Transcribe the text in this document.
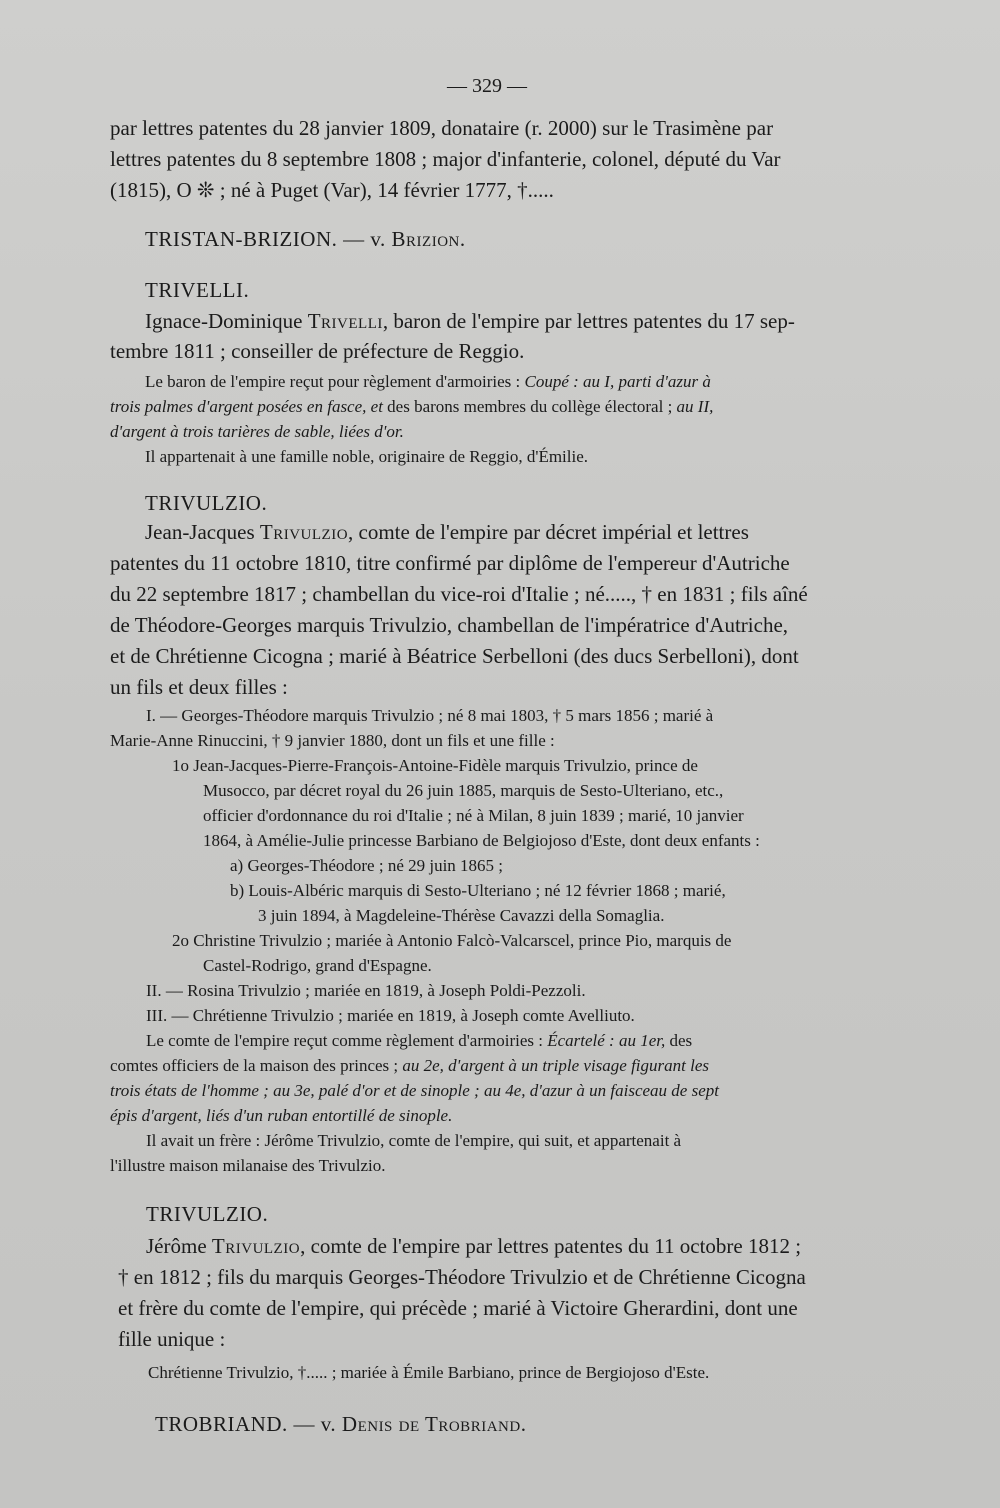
— 329 —
par lettres patentes du 28 janvier 1809, donataire (r. 2000) sur le Trasimène par
lettres patentes du 8 septembre 1808 ; major d'infanterie, colonel, député du Var
(1815), O ❊ ; né à Puget (Var), 14 février 1777, †.....
TRISTAN-BRIZION. — v. Brizion.
TRIVELLI.
Ignace-Dominique Trivelli, baron de l'empire par lettres patentes du 17 sep-
tembre 1811 ; conseiller de préfecture de Reggio.
Le baron de l'empire reçut pour règlement d'armoiries : Coupé : au I, parti d'azur à
trois palmes d'argent posées en fasce, et des barons membres du collège électoral ; au II,
d'argent à trois tarières de sable, liées d'or.
Il appartenait à une famille noble, originaire de Reggio, d'Émilie.
TRIVULZIO.
Jean-Jacques Trivulzio, comte de l'empire par décret impérial et lettres
patentes du 11 octobre 1810, titre confirmé par diplôme de l'empereur d'Autriche
du 22 septembre 1817 ; chambellan du vice-roi d'Italie ; né....., † en 1831 ; fils aîné
de Théodore-Georges marquis Trivulzio, chambellan de l'impératrice d'Autriche,
et de Chrétienne Cicogna ; marié à Béatrice Serbelloni (des ducs Serbelloni), dont
un fils et deux filles :
I. — Georges-Théodore marquis Trivulzio ; né 8 mai 1803, † 5 mars 1856 ; marié à
Marie-Anne Rinuccini, † 9 janvier 1880, dont un fils et une fille :
1o Jean-Jacques-Pierre-François-Antoine-Fidèle marquis Trivulzio, prince de
Musocco, par décret royal du 26 juin 1885, marquis de Sesto-Ulteriano, etc.,
officier d'ordonnance du roi d'Italie ; né à Milan, 8 juin 1839 ; marié, 10 janvier
1864, à Amélie-Julie princesse Barbiano de Belgiojoso d'Este, dont deux enfants :
a) Georges-Théodore ; né 29 juin 1865 ;
b) Louis-Albéric marquis di Sesto-Ulteriano ; né 12 février 1868 ; marié,
3 juin 1894, à Magdeleine-Thérèse Cavazzi della Somaglia.
2o Christine Trivulzio ; mariée à Antonio Falcò-Valcarscel, prince Pio, marquis de
Castel-Rodrigo, grand d'Espagne.
II. — Rosina Trivulzio ; mariée en 1819, à Joseph Poldi-Pezzoli.
III. — Chrétienne Trivulzio ; mariée en 1819, à Joseph comte Avelliuto.
Le comte de l'empire reçut comme règlement d'armoiries : Écartelé : au 1er, des
comtes officiers de la maison des princes ; au 2e, d'argent à un triple visage figurant les
trois états de l'homme ; au 3e, palé d'or et de sinople ; au 4e, d'azur à un faisceau de sept
épis d'argent, liés d'un ruban entortillé de sinople.
Il avait un frère : Jérôme Trivulzio, comte de l'empire, qui suit, et appartenait à
l'illustre maison milanaise des Trivulzio.
TRIVULZIO.
Jérôme Trivulzio, comte de l'empire par lettres patentes du 11 octobre 1812 ;
† en 1812 ; fils du marquis Georges-Théodore Trivulzio et de Chrétienne Cicogna
et frère du comte de l'empire, qui précède ; marié à Victoire Gherardini, dont une
fille unique :
Chrétienne Trivulzio, †..... ; mariée à Émile Barbiano, prince de Bergiojoso d'Este.
TROBRIAND. — v. Denis de Trobriand.
